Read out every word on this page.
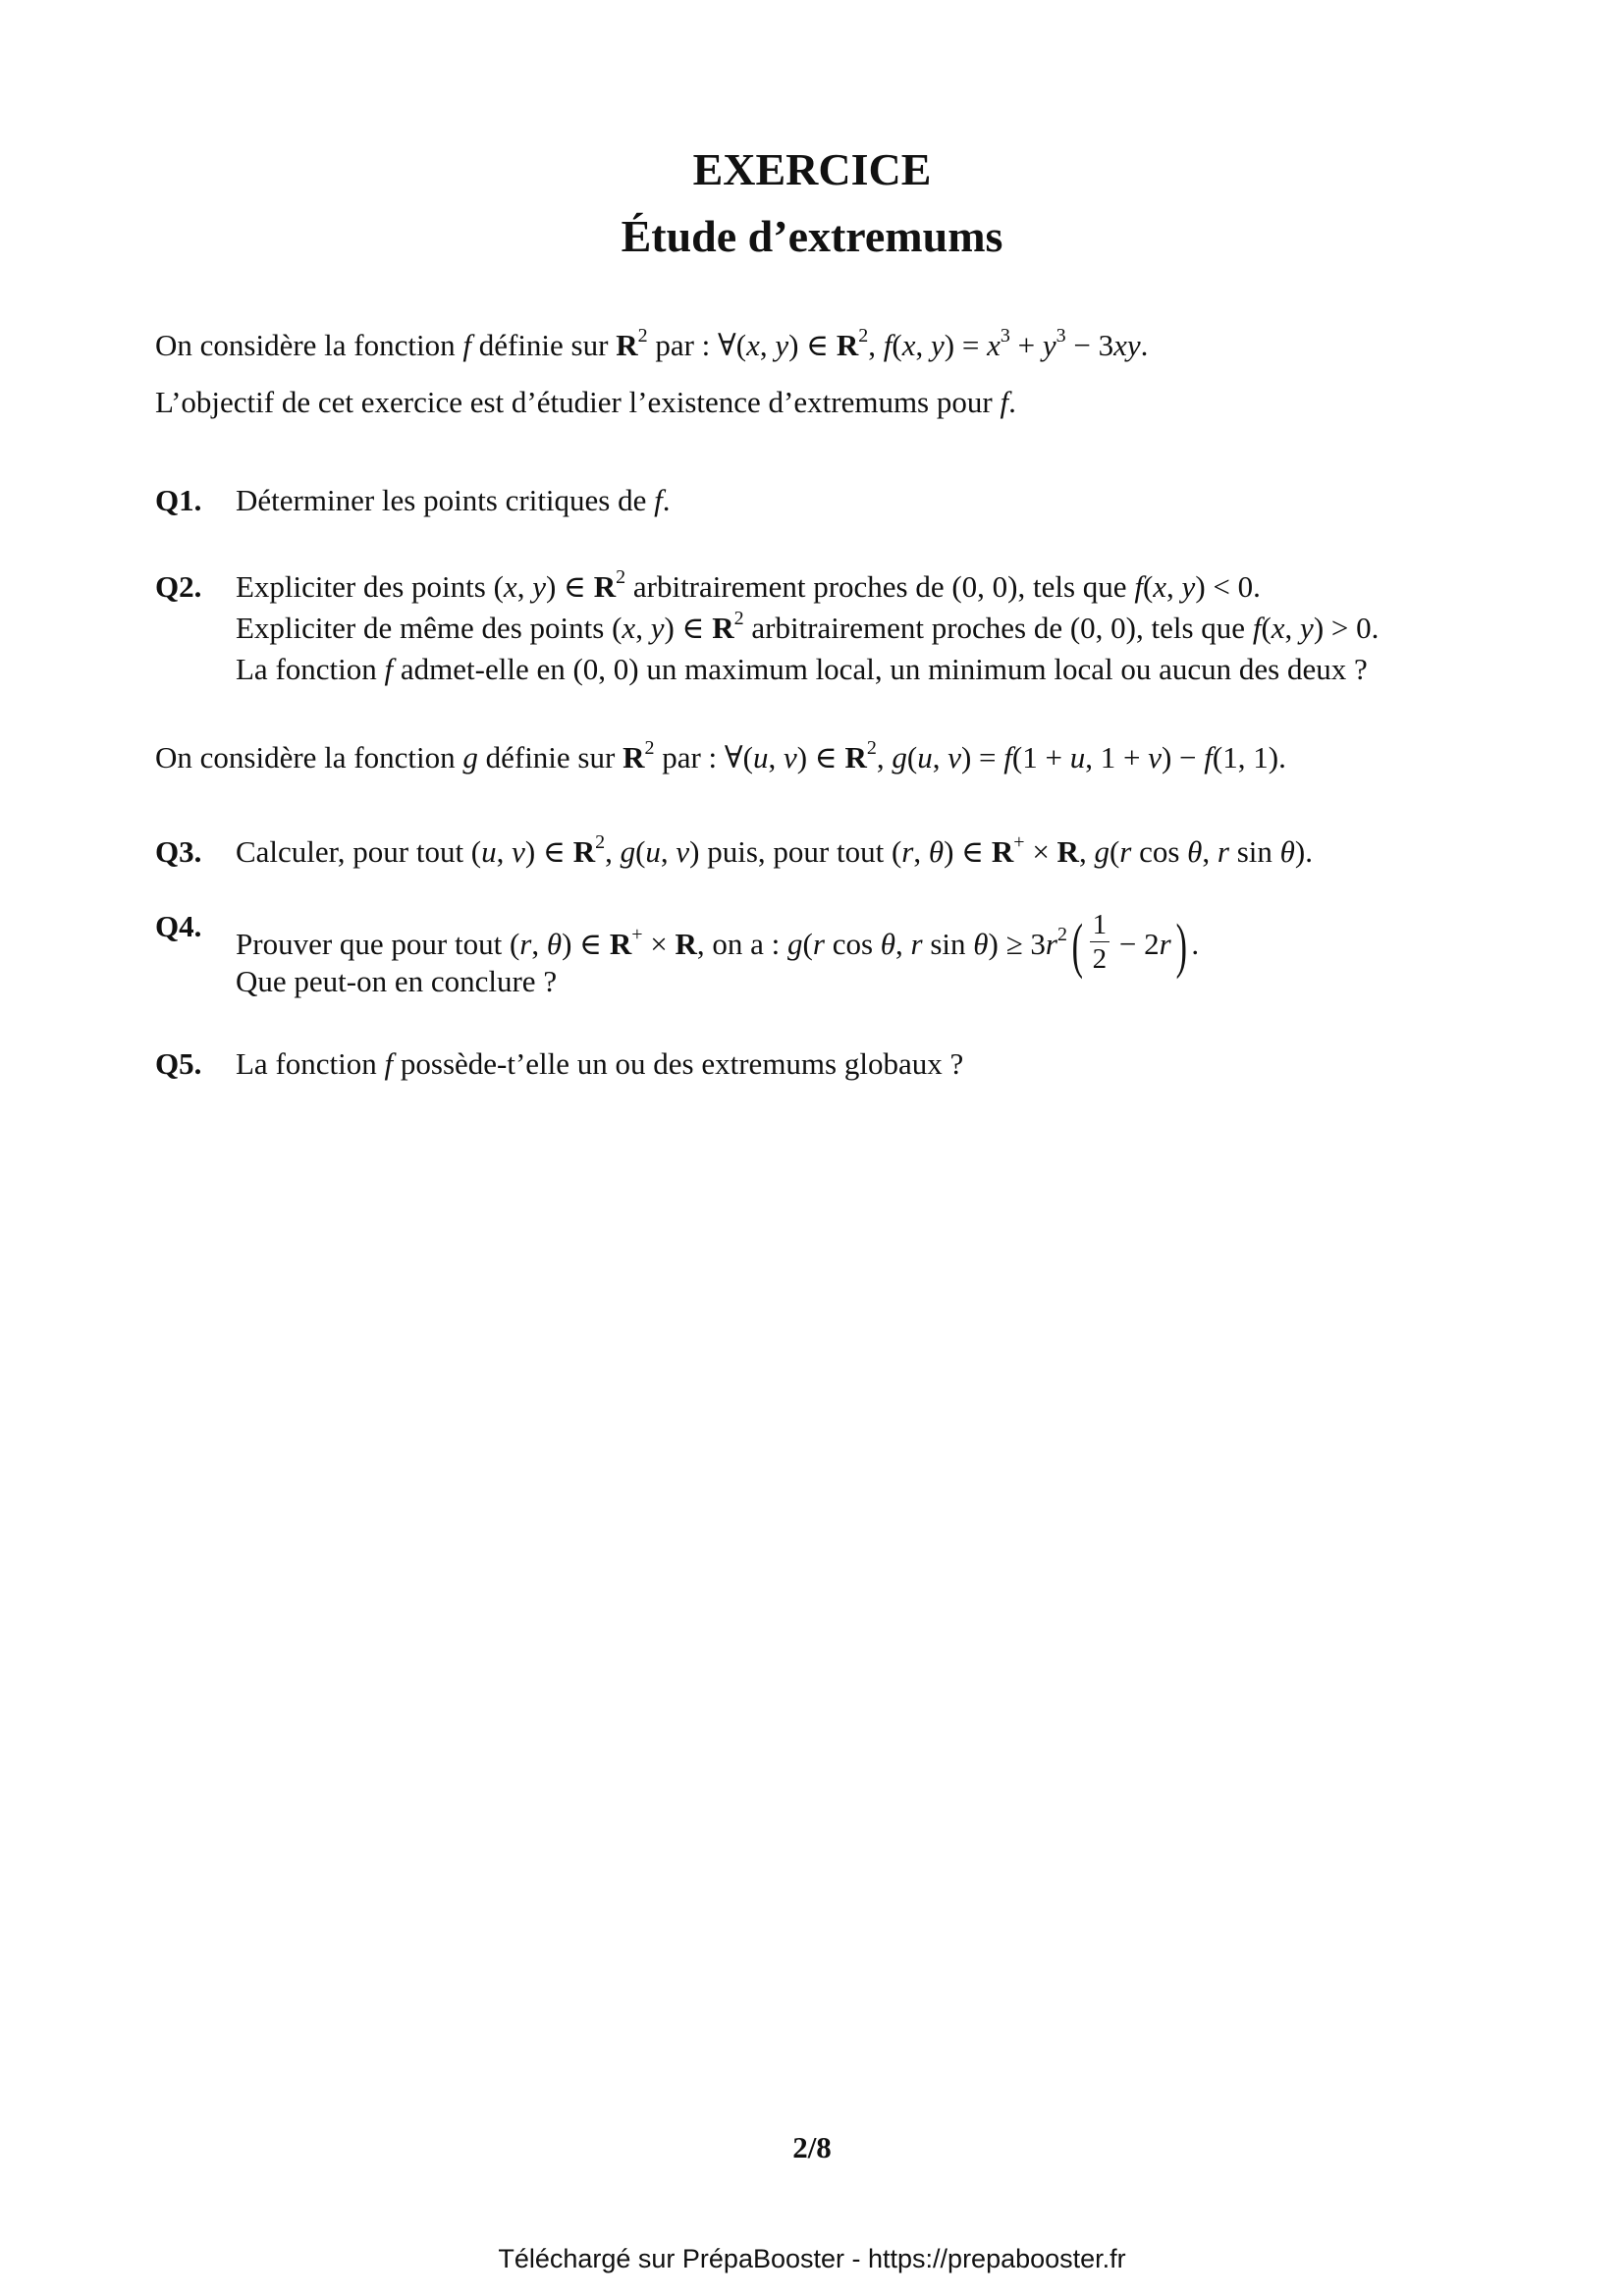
EXERCICE
Étude d’extremums
On considère la fonction f définie sur $R^2$ par : ∀(x, y) ∈ $R^2$, f(x, $y) = x^3 + y^3 - 3xy$.
L’objectif de cet exercice est d’étudier l’existence d’extremums pour f.
Q1. Déterminer les points critiques de f.
Q2. Expliciter des points (x, y) ∈ $R^2$ arbitrairement proches de (0, 0), tels que f(x, y) < 0.
Expliciter de même des points (x, y) ∈ $R^2$ arbitrairement proches de (0, 0), tels que f(x, y) > 0.
La fonction f admet-elle en (0, 0) un maximum local, un minimum local ou aucun des deux ?
On considère la fonction g définie sur $R^2$ par : ∀(u, v) ∈ $R^2$, g(u, v) = f(1 + u, 1 + v) − f(1, 1).
Q3. Calculer, pour tout (u, v) ∈ $R^2$, g(u, v) puis, pour tout (r, θ) ∈ R+ × R, g(r cos θ, r sin θ).
Q4.
Prouver que pour tout (r, θ) ∈ R+ × R, on a : g(r cos θ, r $\sin \theta) \ge 3r^2( \frac{1}{2} - 2r)$ .
Que peut-on en conclure ?
Q5. La fonction f possède-t’elle un ou des extremums globaux ?
2/8
Téléchargé sur PrépaBooster - https://prepabooster.fr
